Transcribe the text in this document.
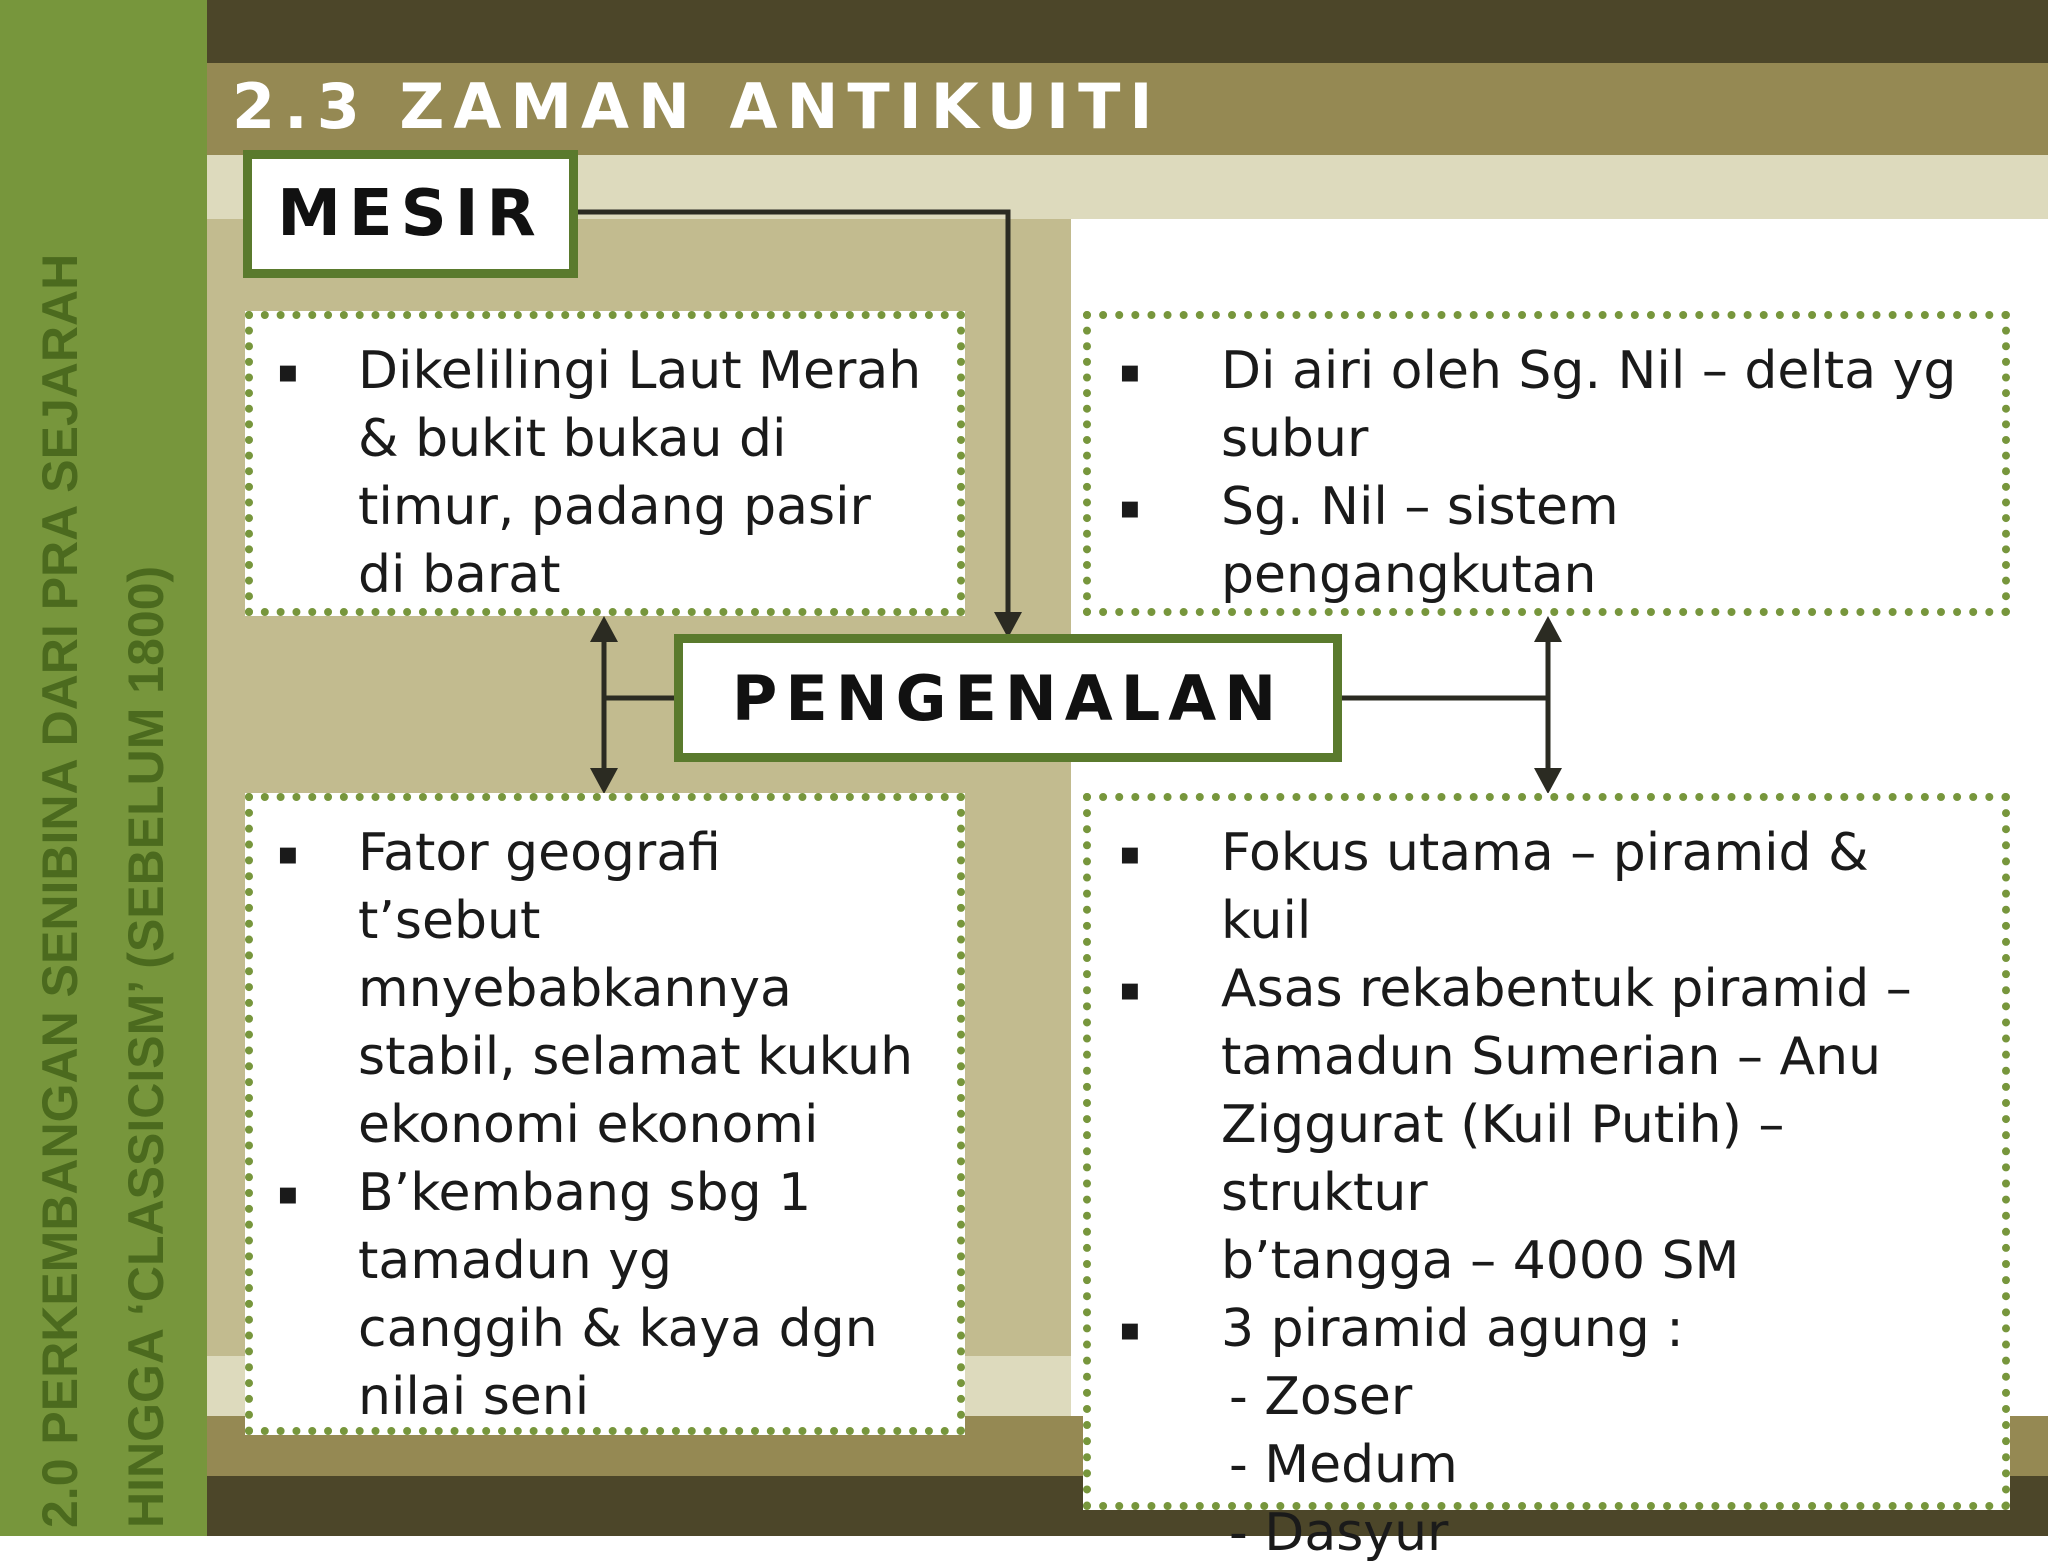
2.0 PERKEMBANGAN SENIBINA DARI PRA SEJARAH HINGGA ‘CLASSICISM’ (SEBELUM 1800)
2.3 ZAMAN ANTIKUITI
MESIR
PENGENALAN
▪ Dikelilingi Laut Merah
& bukit bukau di
timur, padang pasir
di barat
▪ Di airi oleh Sg. Nil – delta yg
subur
▪ Sg. Nil – sistem
pengangkutan
▪ Fator geografi
t’sebut
mnyebabkannya
stabil, selamat kukuh
ekonomi ekonomi
▪ B’kembang sbg 1
tamadun yg
canggih & kaya dgn
nilai seni
▪ Fokus utama – piramid &
kuil
▪ Asas rekabentuk piramid –
tamadun Sumerian – Anu
Ziggurat (Kuil Putih) – struktur
b’tangga – 4000 SM
▪ 3 piramid agung :
- Zoser
- Medum
- Dasyur
